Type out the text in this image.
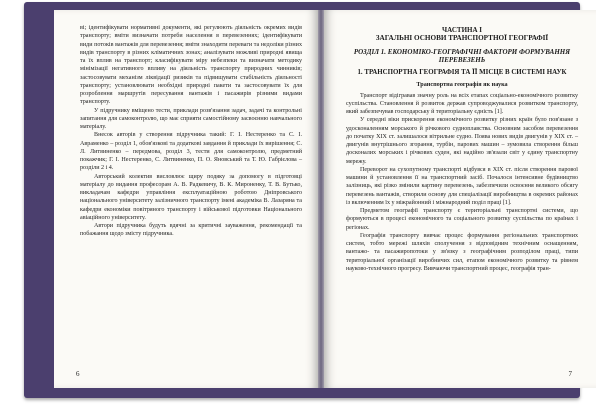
ві; ідентифікувати нормативні документи, які регулюють діяльність окремих видів транспорту; вміти визначати потреби населення в перевезеннях; ідентифікувати види потоків вантажів для перевезення; вміти знаходити переваги та недоліки різних видів транспорту в різних кліматичних зонах; аналізувати можливі природні явища та їх вплив на транспорт; класифікувати міру небезпеки та визначати методику мінімізації негативного впливу на діяльність транспорту природних чинників; застосовувати механізм ліквідації ризиків та підвищувати стабільність діяльності транспорту; установлювати необхідні природні пакети та застосовувати їх для розроблення маршрутів пересування вантажів і пасажирів різними видами транспорту.

У підручнику вміщено тести, приклади розв'язання задач, задачі та контрольні запитання для самоконтролю, що має сприяти самостійному засвоєнню навчального матеріалу.

Внесок авторів у створення підручника такий: Г. І. Нестеренко та С. І. Авраменко – розділ 1, обов'язкові та додаткові завдання й приклади їх вирішення; С. Л. Литвиненко – передмова, розділ 3, тести для самоконтролю, предметний покажчик; Г. І. Нестеренко, С. Литвиненко, П. О. Яновський та Т. Ю. Габрієлова – розділи 2 і 4.

Авторський колектив висловлює щиру подяку за допомогу в підготовці матеріалу до видання професорам А. В. Радкевичу, В. К. Мироненку, Т. В. Бутько, викладачам кафедри управління експлуатаційною роботою Дніпровського національного університету залізничного транспорту імені академіка В. Лазаряна та кафедри економіки повітряного транспорту і військової підготовки Національного авіаційного університету.

Автори підручника будуть вдячні за критичні зауваження, рекомендації та побажання щодо змісту підручника.

6
ЧАСТИНА І
ЗАГАЛЬНІ ОСНОВИ ТРАНСПОРТНОЇ ГЕОГРАФІЇ
РОЗДІЛ 1. ЕКОНОМІКО-ГЕОГРАФІЧНІ ФАКТОРИ ФОРМУВАННЯ ПЕРЕВЕЗЕНЬ
1. ТРАНСПОРТНА ГЕОГРАФІЯ ТА ЇЇ МІСЦЕ В СИСТЕМІ НАУК
Транспортна географія як наука

Транспорт відігравав значну роль на всіх етапах соціально-економічного розвитку суспільства. Становлення й розвиток держав супроводжувалися розвитком транспорту, який забезпечував господарську й територіальну єдність [1].

У середні віки прискорення економічного розвитку різних країн було пов'язане з удосконаленням морського й річкового судноплавства. Основним засобом перевезення до початку XIX ст. залишалося вітрильне судно. Поява нових видів двигунів у XIX ст. – двигунів внутрішнього згорання, турбін, парових машин – зумовила створення більш досконалих морських і річкових суден, які надійно зв'язали світ у єдину транспортну мережу.

Переворот на сухопутному транспорті відбувся в XIX ст. після створення парової машини й установлення її на транспортний засіб. Почалося інтенсивне будівництво залізниць, які різко змінили картину перевезень, забезпечили освоєння великого обсягу перевезень вантажів, створили основу для спеціалізації виробництва в окремих районах із включенням їх у міжрайонний і міжнародний поділ праці [1].

Предметом географії транспорту є територіальні транспортні системи, що формуються в процесі економічного та соціального розвитку суспільства по країнах і регіонах.

Географія транспорту вивчає процес формування регіональних транспортних систем, тобто мережі шляхів сполучення з відповідним технічним оснащенням, вантажо- та пасажиропотоки у зв'язку з географічним розподілом праці, типи територіальної організації виробничих сил, етапом економічного розвитку та рівнем науково-технічного прогресу. Вивчаючи транспортний процес, географія тран-

7
